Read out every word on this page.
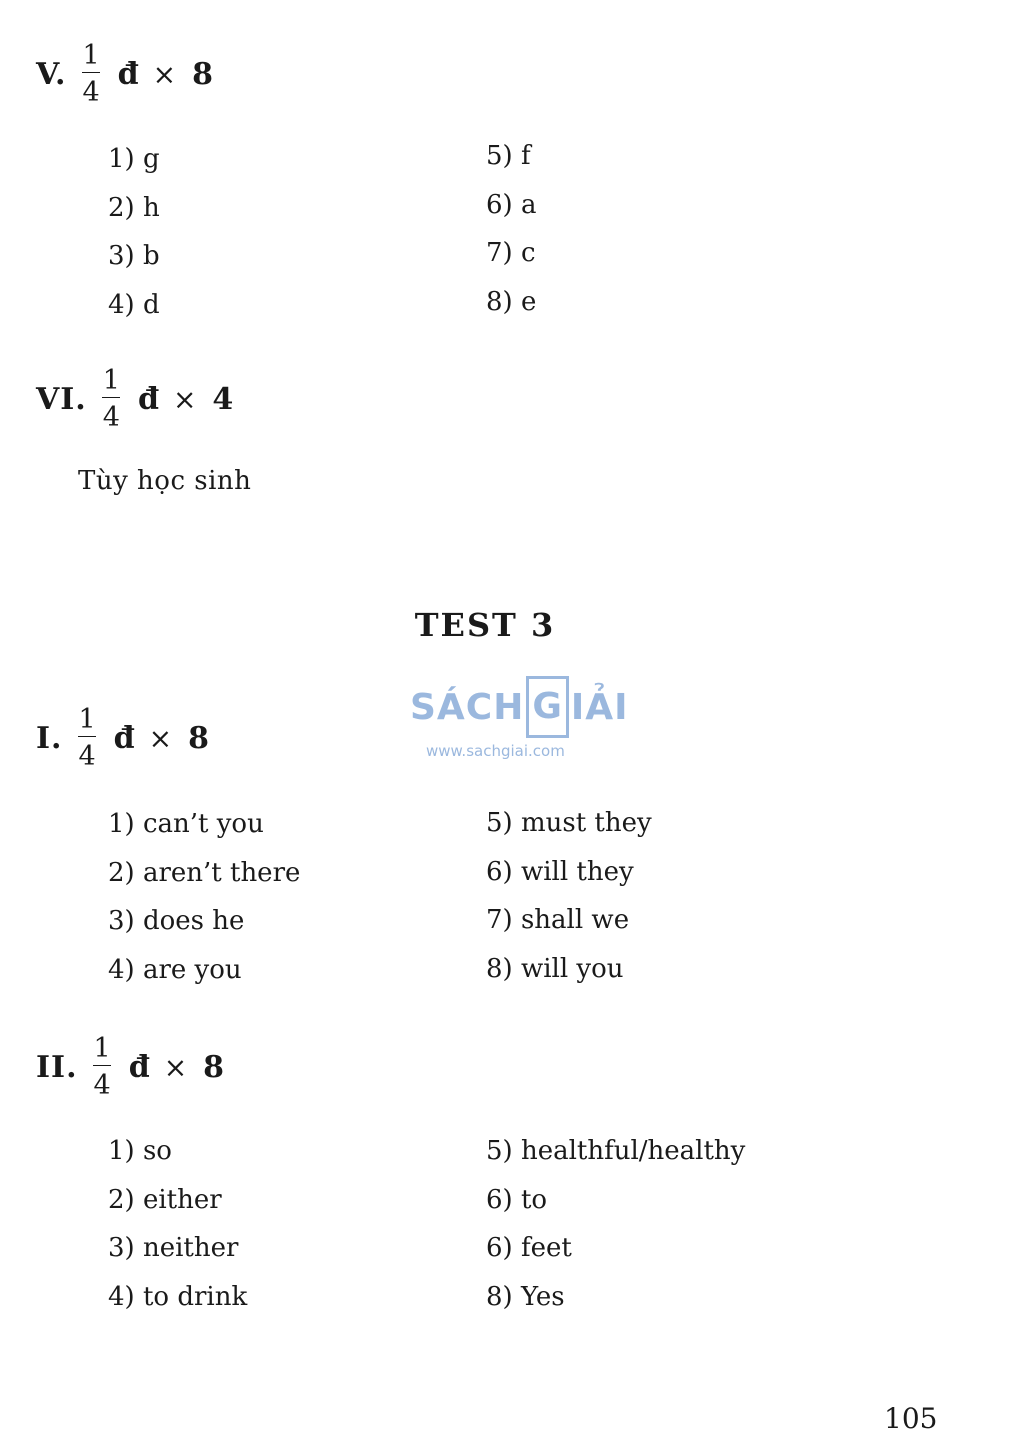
V. $\frac{1}{4}$ đ × 8
1) g
2) h
3) b
4) d
5) f
6) a
7) c
8) e
VI. $\frac{1}{4}$ đ × 4
Tùy học sinh
TEST 3
SÁCH G IẢI
www.sachgiai.com
I. $\frac{1}{4}$ đ × 8
1) can’t you
2) aren’t there
3) does he
4) are you
5) must they
6) will they
7) shall we
8) will you
II. $\frac{1}{4}$ đ × 8
1) so
2) either
3) neither
4) to drink
5) healthful/healthy
6) to
6) feet
8) Yes
105
